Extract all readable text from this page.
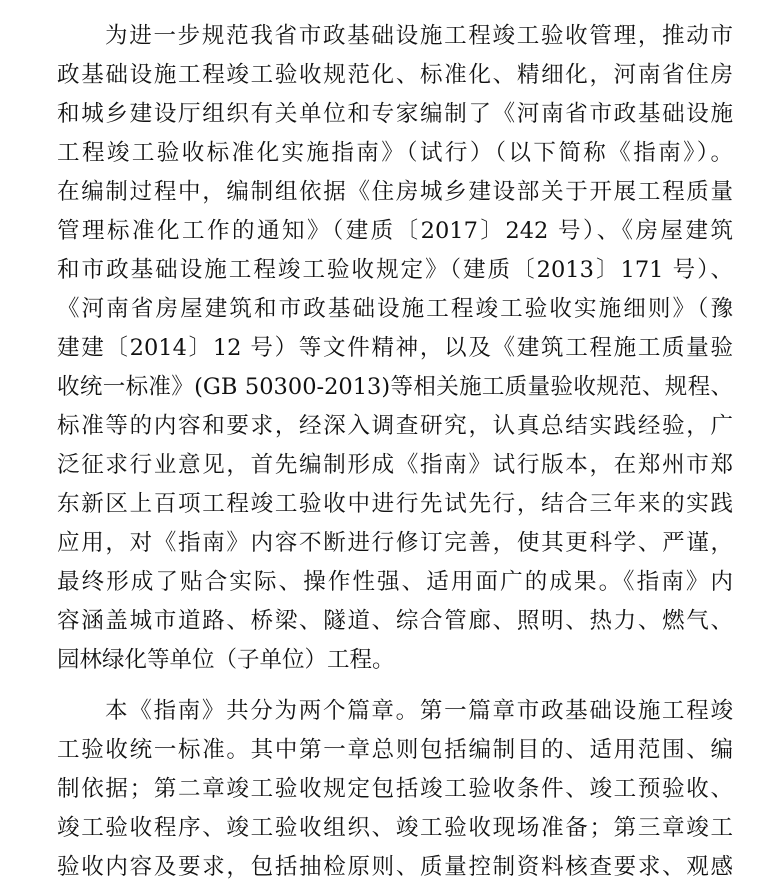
为进一步规范我省市政基础设施工程竣工验收管理，推动市
政基础设施工程竣工验收规范化、标准化、精细化，河南省住房
和城乡建设厅组织有关单位和专家编制了《河南省市政基础设施
工程竣工验收标准化实施指南》（试行）（以下简称《指南》）。
在编制过程中，编制组依据《住房城乡建设部关于开展工程质量
管理标准化工作的通知》（建质〔2017〕242 号）、《房屋建筑
和市政基础设施工程竣工验收规定》（建质〔2013〕171 号）、
《河南省房屋建筑和市政基础设施工程竣工验收实施细则》（豫
建建〔2014〕12 号）等文件精神，以及《建筑工程施工质量验
收统一标准》(GB 50300-2013)等相关施工质量验收规范、规程、
标准等的内容和要求，经深入调查研究，认真总结实践经验，广
泛征求行业意见，首先编制形成《指南》试行版本，在郑州市郑
东新区上百项工程竣工验收中进行先试先行，结合三年来的实践
应用，对《指南》内容不断进行修订完善，使其更科学、严谨，
最终形成了贴合实际、操作性强、适用面广的成果。《指南》内
容涵盖城市道路、桥梁、隧道、综合管廊、照明、热力、燃气、
园林绿化等单位（子单位）工程。
本《指南》共分为两个篇章。第一篇章市政基础设施工程竣
工验收统一标准。其中第一章总则包括编制目的、适用范围、编
制依据；第二章竣工验收规定包括竣工验收条件、竣工预验收、
竣工验收程序、竣工验收组织、竣工验收现场准备；第三章竣工
验收内容及要求，包括抽检原则、质量控制资料核查要求、观感
